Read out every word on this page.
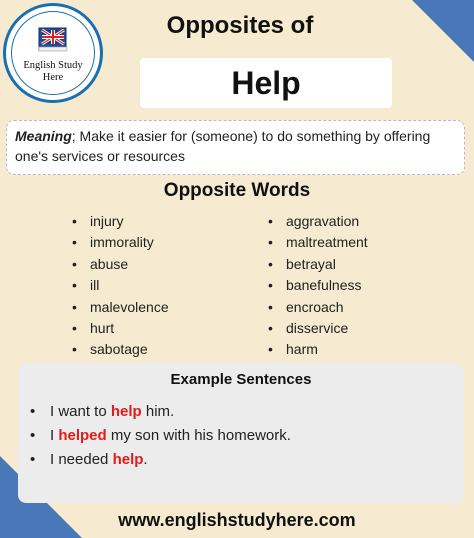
English Study
Here
Opposites of
Help
Meaning; Make it easier for (someone) to do something by offering one's services or resources
Opposite Words
• injury
• immorality
• abuse
• ill
• malevolence
• hurt
• sabotage
• aggravation
• maltreatment
• betrayal
• banefulness
• encroach
• disservice
• harm
Example Sentences
• I want to help him.
• I helped my son with his homework.
• I needed help.
www.englishstudyhere.com
